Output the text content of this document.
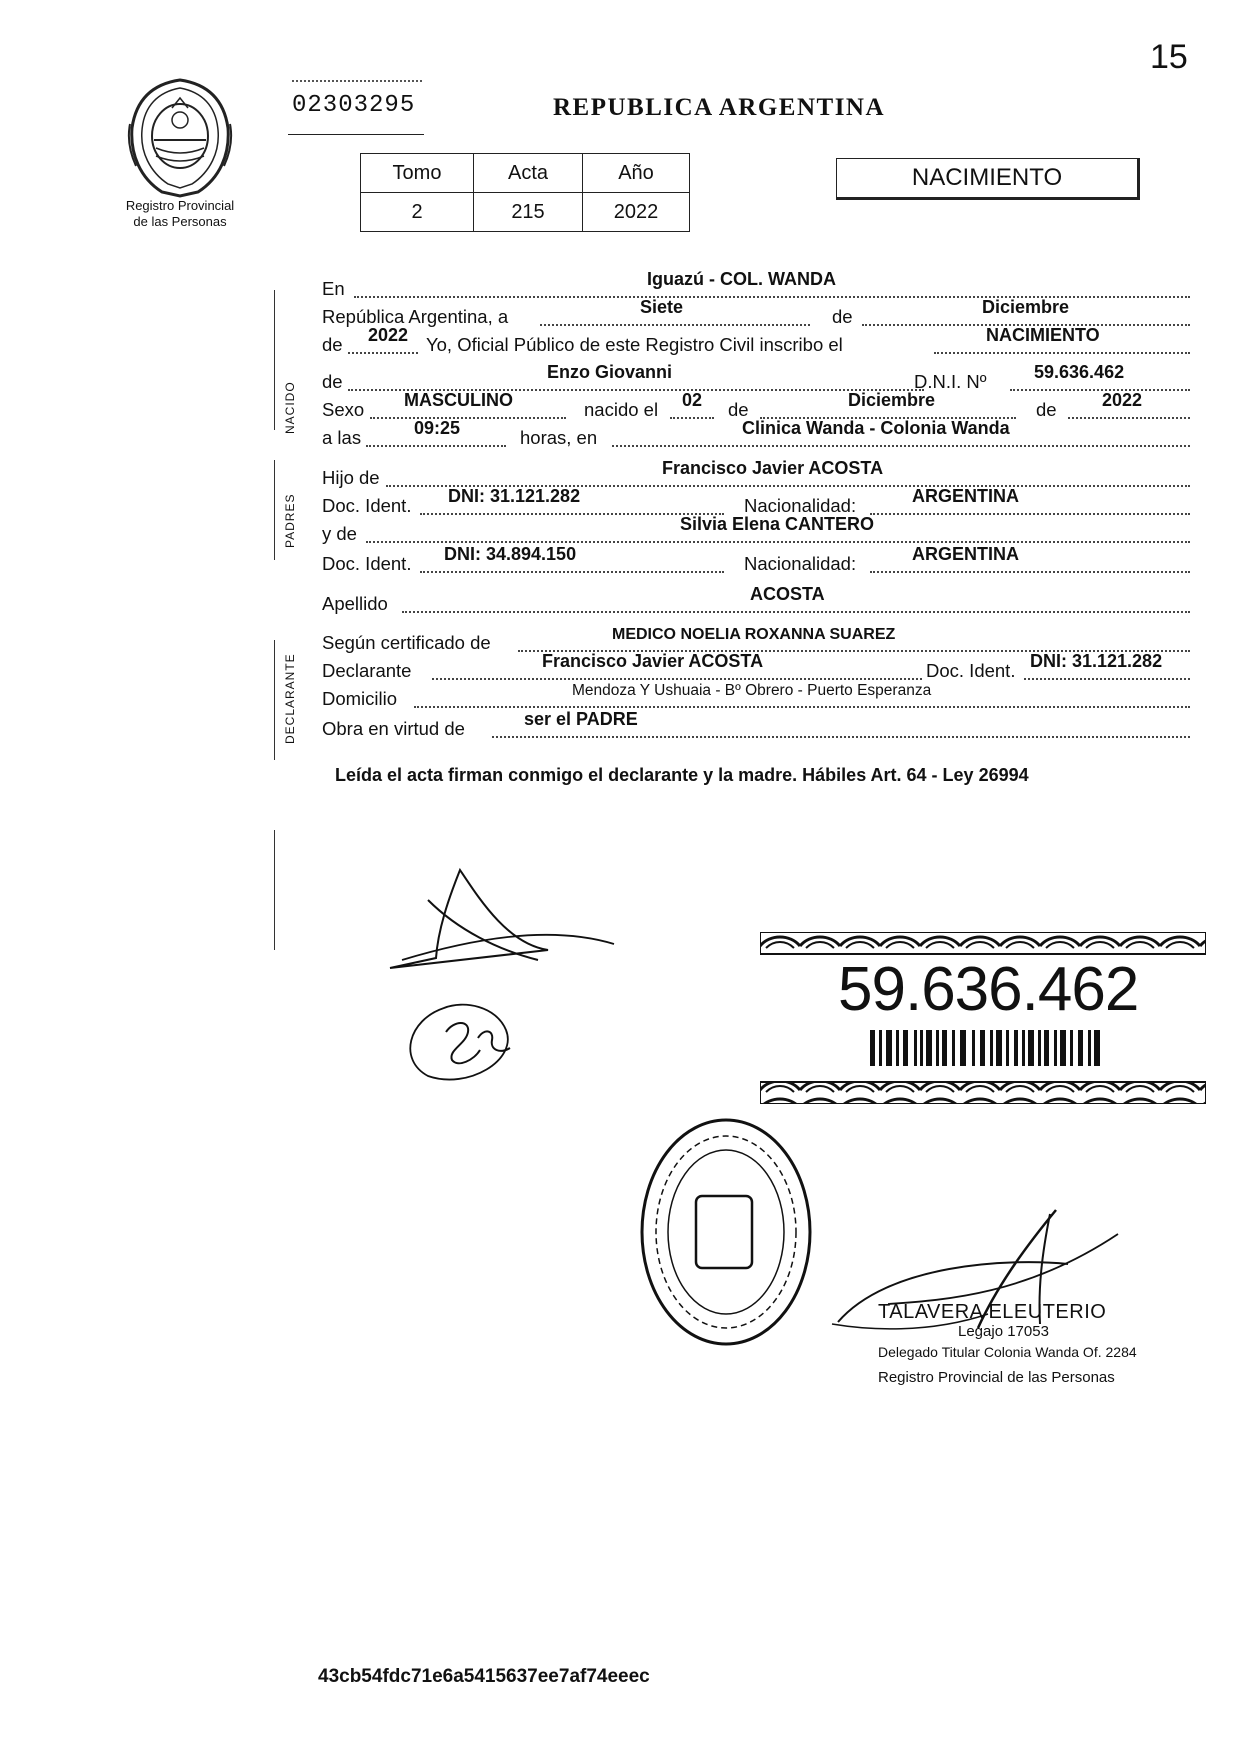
15
Registro Provincial
de las Personas
02303295	REPUBLICA ARGENTINA
Tomo	Acta	Año
2	215	2022
NACIMIENTO
NACIDO
PADRES
DECLARANTE
En	Iguazú - COL. WANDA
República Argentina, a	Siete	de	Diciembre
de 2022 Yo, Oficial Público de este Registro Civil inscribo el	NACIMIENTO
de	Enzo Giovanni	D.N.I. Nº	59.636.462
Sexo MASCULINO	nacido el 02 de	Diciembre	de	2022
a las	09:25	horas, en	Clinica Wanda - Colonia Wanda
Hijo de	Francisco Javier ACOSTA
Doc. Ident. DNI: 31.121.282	Nacionalidad:	ARGENTINA
y de	Silvia Elena CANTERO
Doc. Ident. DNI: 34.894.150	Nacionalidad:	ARGENTINA
Apellido	ACOSTA
Según certificado de	MEDICO NOELIA ROXANNA SUAREZ
Declarante	Francisco Javier ACOSTA	Doc. Ident. DNI: 31.121.282
Domicilio	Mendoza Y Ushuaia - Bº Obrero - Puerto Esperanza
Obra en virtud de	ser el PADRE
Leída el acta firman conmigo el declarante y la madre. Hábiles Art. 64 - Ley 26994
59.636.462
TALAVERA ELEUTERIO
Legajo 17053
Delegado Titular Colonia Wanda Of. 2284
Registro Provincial de las Personas
43cb54fdc71e6a5415637ee7af74eeec
